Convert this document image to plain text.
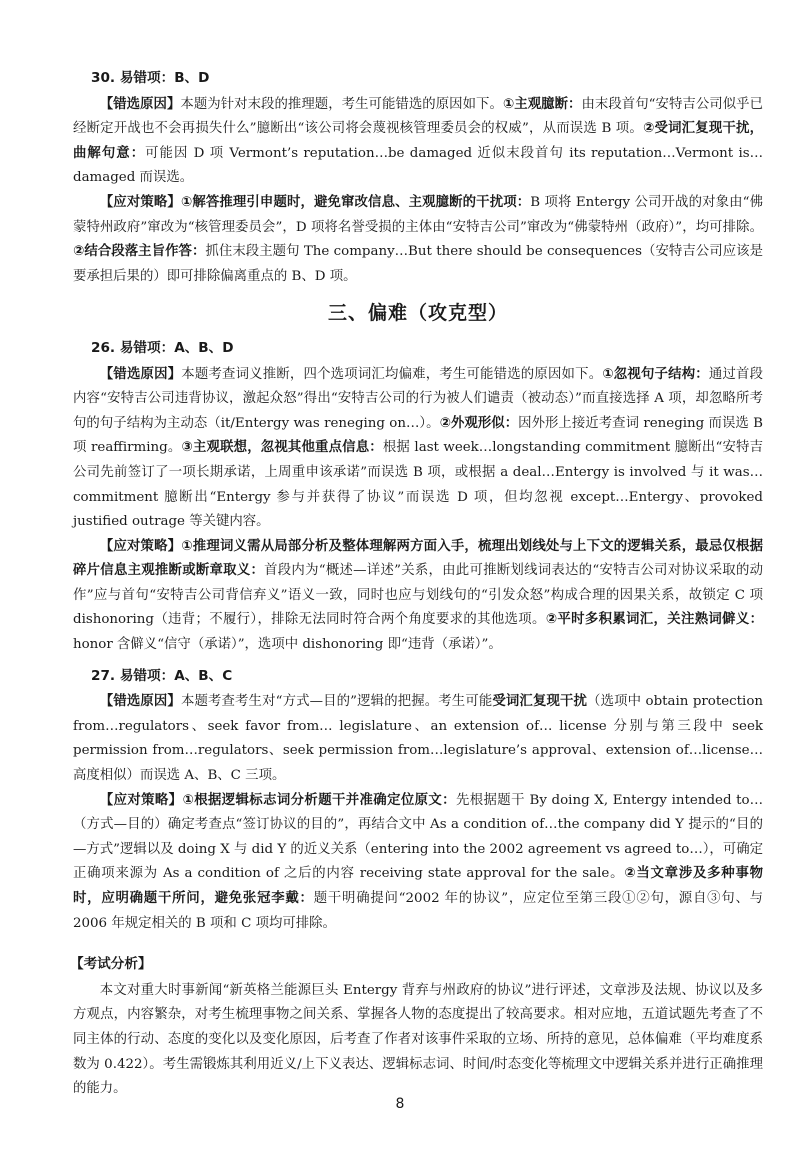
30. 易错项：B、D

【错选原因】本题为针对末段的推理题，考生可能错选的原因如下。①主观臆断：由末段首句“安特吉公司似乎已经断定开战也不会再损失什么”臆断出“该公司将会蔑视核管理委员会的权威”，从而误选 B 项。②受词汇复现干扰，曲解句意：可能因 D 项 Vermont’s reputation…be damaged 近似末段首句 its reputation…Vermont is…damaged 而误选。

【应对策略】①解答推理引申题时，避免窜改信息、主观臆断的干扰项：B 项将 Entergy 公司开战的对象由“佛蒙特州政府”窜改为“核管理委员会”，D 项将名誉受损的主体由“安特吉公司”窜改为“佛蒙特州（政府）”，均可排除。②结合段落主旨作答：抓住末段主题句 The company…But there should be consequences（安特吉公司应该是要承担后果的）即可排除偏离重点的 B、D 项。

三、偏难（攻克型）
26. 易错项：A、B、D

【错选原因】本题考查词义推断，四个选项词汇均偏难，考生可能错选的原因如下。①忽视句子结构：通过首段内容“安特吉公司违背协议，激起众怒”得出“安特吉公司的行为被人们谴责（被动态）”而直接选择 A 项，却忽略所考句的句子结构为主动态（it/Entergy was reneging on…）。②外观形似：因外形上接近考查词 reneging 而误选 B 项 reaffirming。③主观联想，忽视其他重点信息：根据 last week…longstanding commitment 臆断出“安特吉公司先前签订了一项长期承诺，上周重申该承诺”而误选 B 项，或根据 a deal…Entergy is involved 与 it was…commitment 臆断出“Entergy 参与并获得了协议”而误选 D 项，但均忽视 except…Entergy、provoked justified outrage 等关键内容。

【应对策略】①推理词义需从局部分析及整体理解两方面入手，梳理出划线处与上下文的逻辑关系，最忌仅根据碎片信息主观推断或断章取义：首段内为“概述—详述”关系，由此可推断划线词表达的“安特吉公司对协议采取的动作”应与首句“安特吉公司背信弃义”语义一致，同时也应与划线句的“引发众怒”构成合理的因果关系，故锁定 C 项 dishonoring（违背；不履行），排除无法同时符合两个角度要求的其他选项。②平时多积累词汇，关注熟词僻义：honor 含僻义“信守（承诺）”，选项中 dishonoring 即“违背（承诺）”。

27. 易错项：A、B、C

【错选原因】本题考查考生对“方式—目的”逻辑的把握。考生可能受词汇复现干扰（选项中 obtain protection from…regulators、seek favor from… legislature、an extension of… license 分别与第三段中 seek permission from…regulators、seek permission from…legislature’s approval、extension of…license…高度相似）而误选 A、B、C 三项。

【应对策略】①根据逻辑标志词分析题干并准确定位原文：先根据题干 By doing X, Entergy intended to…（方式—目的）确定考查点“签订协议的目的”，再结合文中 As a condition of…the company did Y 提示的“目的—方式”逻辑以及 doing X 与 did Y 的近义关系（entering into the 2002 agreement vs agreed to…），可确定正确项来源为 As a condition of 之后的内容 receiving state approval for the sale。②当文章涉及多种事物时，应明确题干所问，避免张冠李戴：题干明确提问“2002 年的协议”，应定位至第三段①②句，源自③句、与 2006 年规定相关的 B 项和 C 项均可排除。

【考试分析】

本文对重大时事新闻“新英格兰能源巨头 Entergy 背弃与州政府的协议”进行评述，文章涉及法规、协议以及多方观点，内容繁杂，对考生梳理事物之间关系、掌握各人物的态度提出了较高要求。相对应地，五道试题先考查了不同主体的行动、态度的变化以及变化原因，后考查了作者对该事件采取的立场、所持的意见，总体偏难（平均难度系数为 0.422）。考生需锻炼其利用近义/上下义表达、逻辑标志词、时间/时态变化等梳理文中逻辑关系并进行正确推理的能力。

8
